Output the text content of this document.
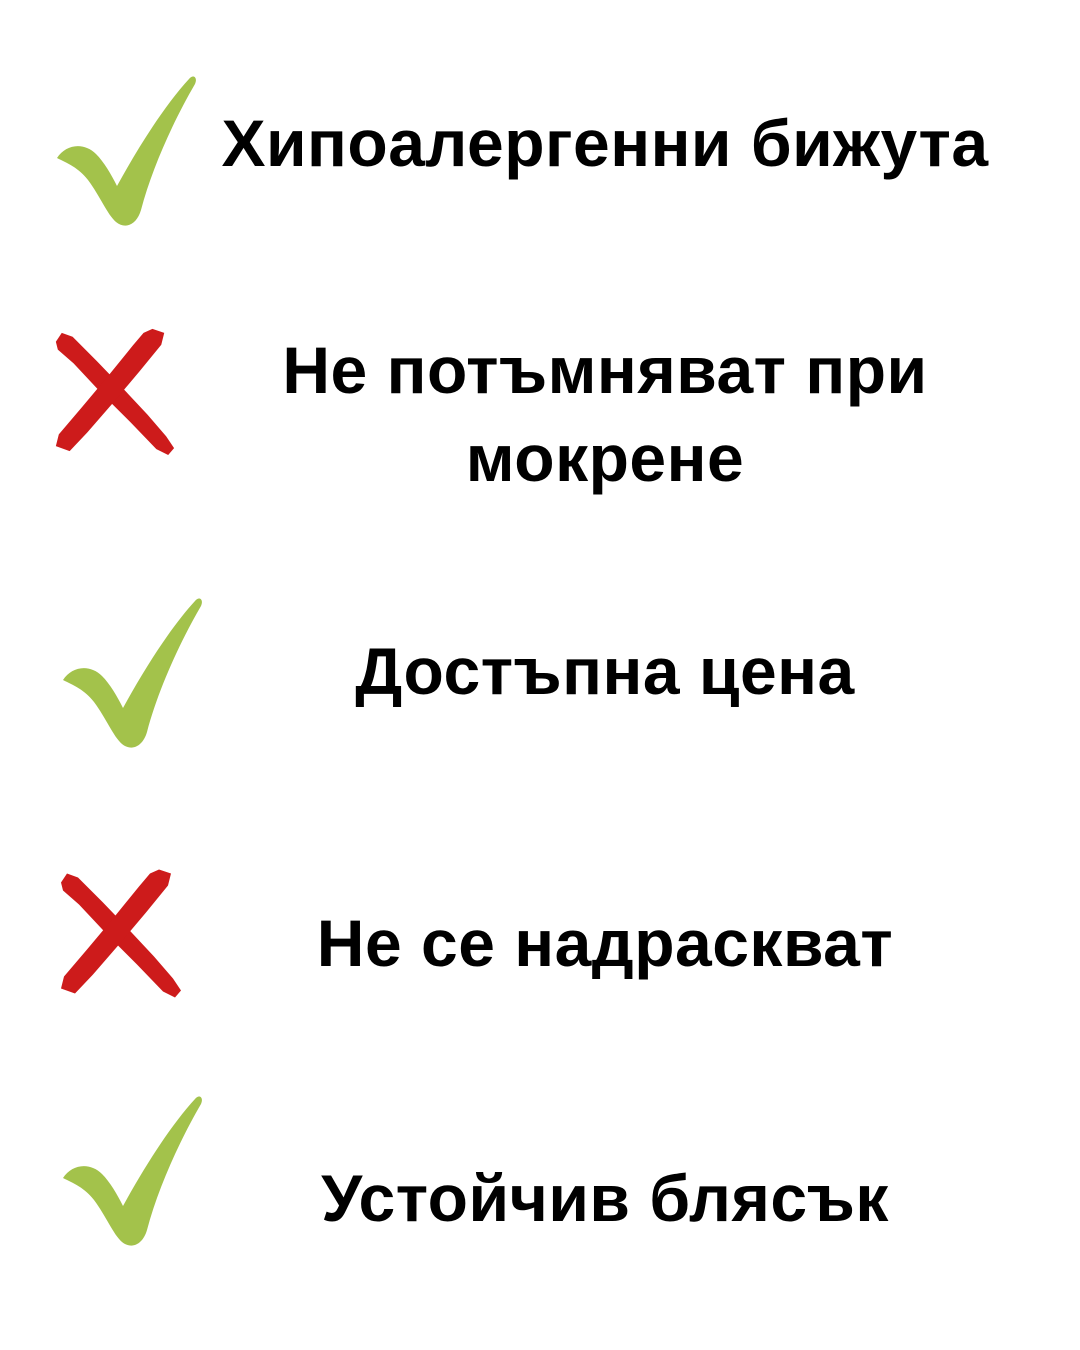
Хипоалергенни бижута
Не потъмняват при мокрене
Достъпна цена
Не се надраскват
Устойчив блясък
